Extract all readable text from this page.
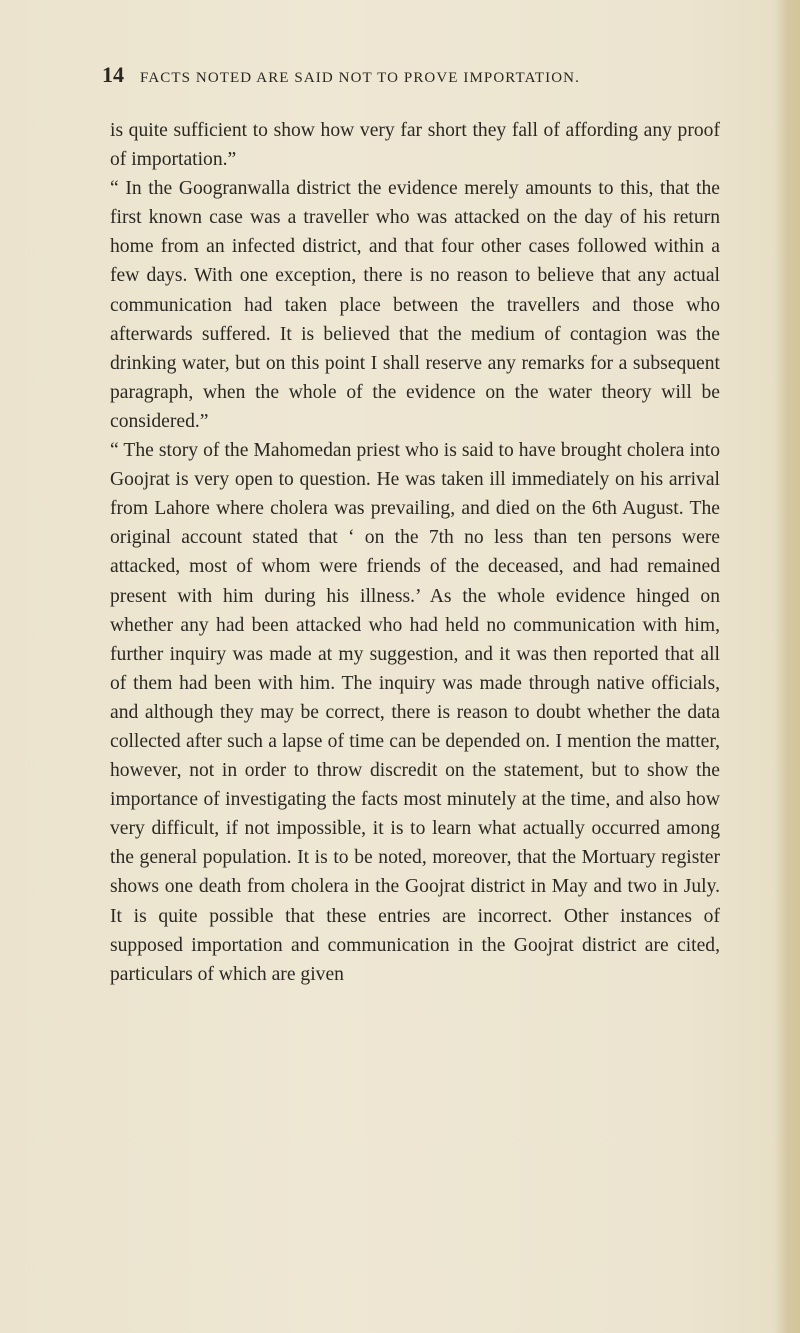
14 FACTS NOTED ARE SAID NOT TO PROVE IMPORTATION.

is quite sufficient to show how very far short they fall of affording any proof of importation.”

“ In the Googranwalla district the evidence merely amounts to this, that the first known case was a traveller who was attacked on the day of his return home from an infected district, and that four other cases followed within a few days. With one exception, there is no reason to believe that any actual communication had taken place between the travellers and those who afterwards suffered. It is believed that the medium of contagion was the drinking water, but on this point I shall reserve any remarks for a subsequent paragraph, when the whole of the evidence on the water theory will be considered.”

“ The story of the Mahomedan priest who is said to have brought cholera into Goojrat is very open to question. He was taken ill immediately on his arrival from Lahore where cholera was prevailing, and died on the 6th August. The original account stated that ‘ on the 7th no less than ten persons were attacked, most of whom were friends of the deceased, and had remained present with him during his illness.’ As the whole evidence hinged on whether any had been attacked who had held no communication with him, further inquiry was made at my suggestion, and it was then reported that all of them had been with him. The inquiry was made through native officials, and although they may be correct, there is reason to doubt whether the data collected after such a lapse of time can be depended on. I mention the matter, however, not in order to throw discredit on the statement, but to show the importance of investigating the facts most minutely at the time, and also how very difficult, if not impossible, it is to learn what actually occurred among the general population. It is to be noted, moreover, that the Mortuary register shows one death from cholera in the Goojrat district in May and two in July. It is quite possible that these entries are incorrect. Other instances of supposed importation and communication in the Goojrat district are cited, particulars of which are given
